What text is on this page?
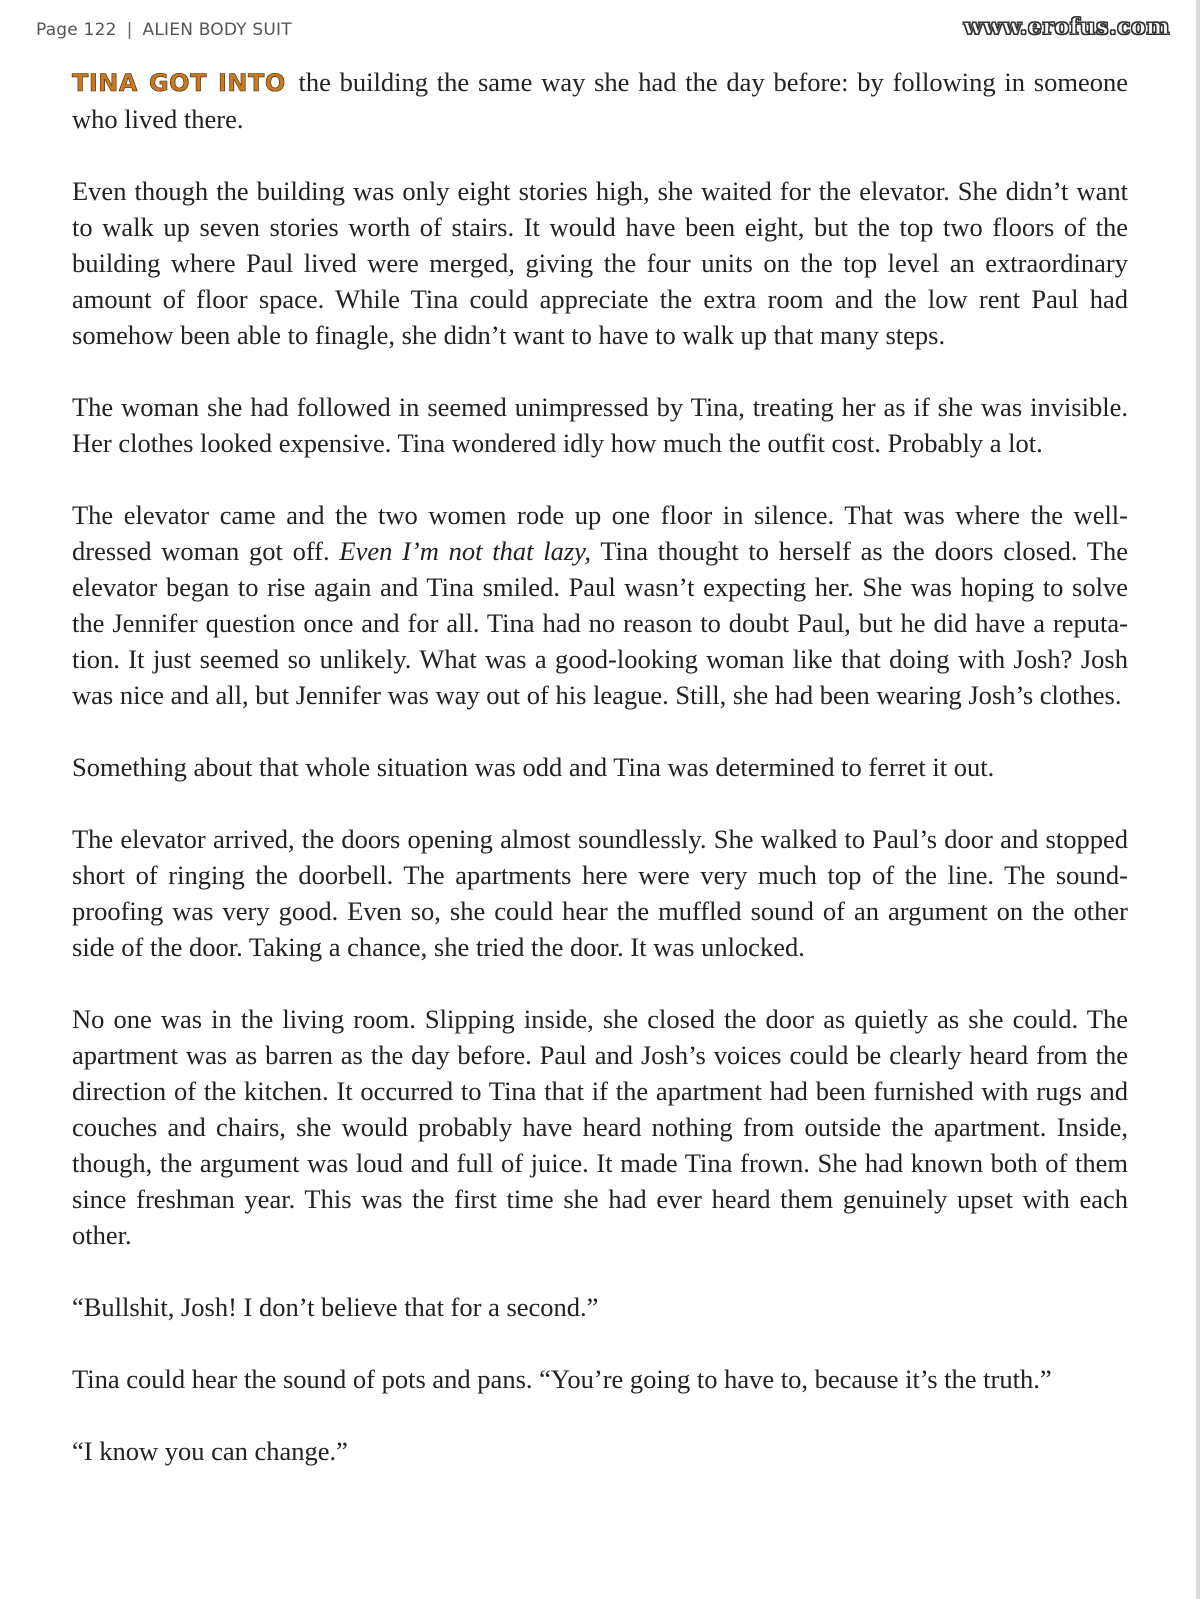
Page 122 | ALIEN BODY SUIT	www.erofus.com

TINA GOT INTO the building the same way she had the day before: by following in someone who lived there.

Even though the building was only eight stories high, she waited for the elevator. She didn’t want to walk up seven stories worth of stairs. It would have been eight, but the top two floors of the building where Paul lived were merged, giving the four units on the top level an extraordinary amount of floor space. While Tina could appreciate the extra room and the low rent Paul had somehow been able to finagle, she didn’t want to have to walk up that many steps.

The woman she had followed in seemed unimpressed by Tina, treating her as if she was invisible. Her clothes looked expensive. Tina wondered idly how much the outfit cost. Probably a lot.

The elevator came and the two women rode up one floor in silence. That was where the well-dressed woman got off. Even I’m not that lazy, Tina thought to herself as the doors closed. The elevator began to rise again and Tina smiled. Paul wasn’t expecting her. She was hoping to solve the Jennifer question once and for all. Tina had no reason to doubt Paul, but he did have a reputation. It just seemed so unlikely. What was a good-looking woman like that doing with Josh? Josh was nice and all, but Jennifer was way out of his league. Still, she had been wearing Josh’s clothes.

Something about that whole situation was odd and Tina was determined to ferret it out.

The elevator arrived, the doors opening almost soundlessly. She walked to Paul’s door and stopped short of ringing the doorbell. The apartments here were very much top of the line. The soundproofing was very good. Even so, she could hear the muffled sound of an argument on the other side of the door. Taking a chance, she tried the door. It was unlocked.

No one was in the living room. Slipping inside, she closed the door as quietly as she could. The apartment was as barren as the day before. Paul and Josh’s voices could be clearly heard from the direction of the kitchen. It occurred to Tina that if the apartment had been furnished with rugs and couches and chairs, she would probably have heard nothing from outside the apartment. Inside, though, the argument was loud and full of juice. It made Tina frown. She had known both of them since freshman year. This was the first time she had ever heard them genuinely upset with each other.

“Bullshit, Josh! I don’t believe that for a second.”

Tina could hear the sound of pots and pans. “You’re going to have to, because it’s the truth.”

“I know you can change.”
